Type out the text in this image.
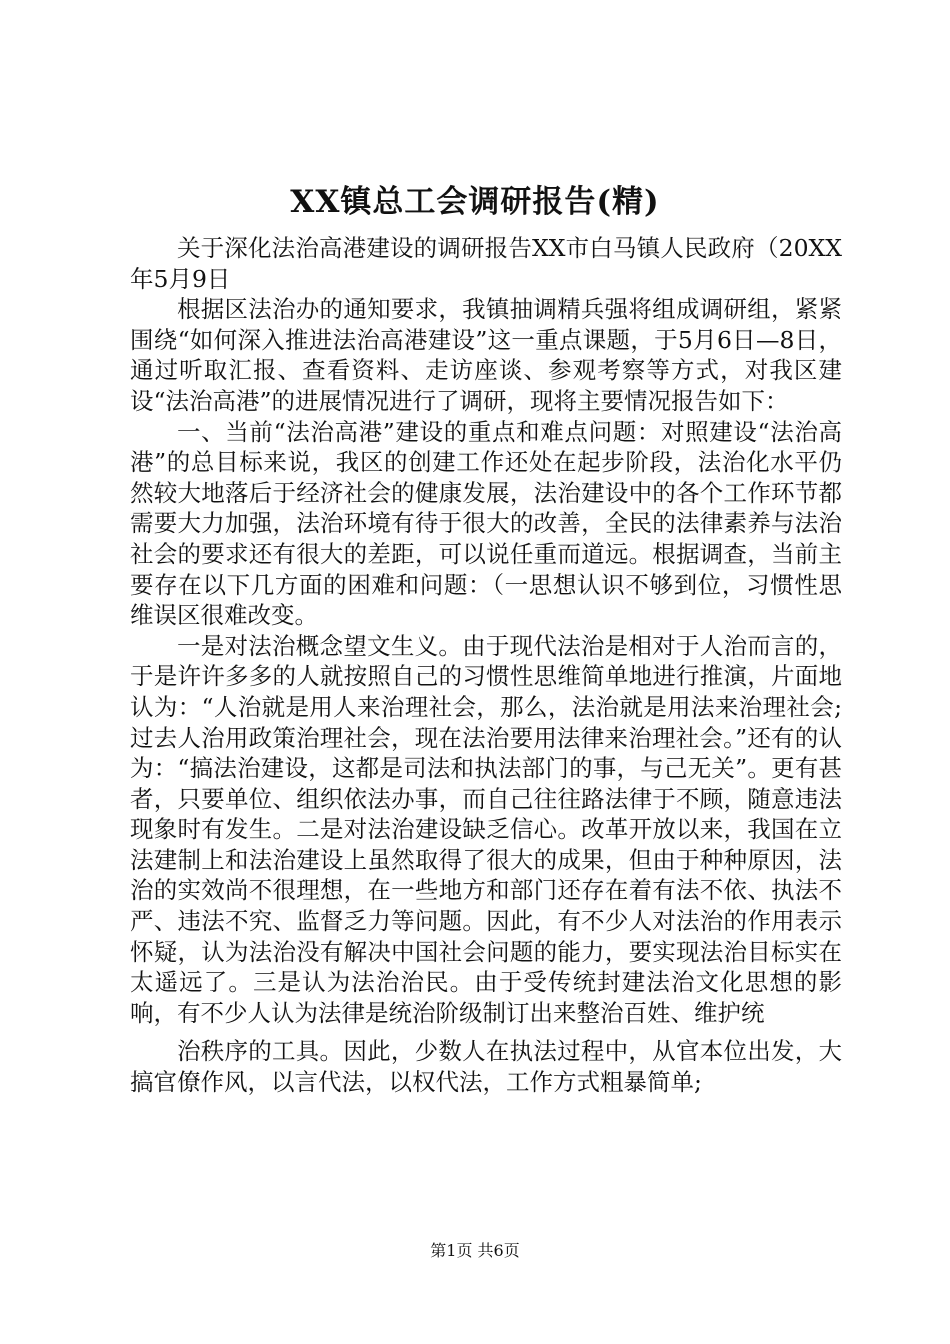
XX镇总工会调研报告(精)

关于深化法治高港建设的调研报告XX市白马镇人民政府（20XX年5月9日

根据区法治办的通知要求，我镇抽调精兵强将组成调研组，紧紧围绕“如何深入推进法治高港建设”这一重点课题，于5月6日—8日，通过听取汇报、查看资料、走访座谈、参观考察等方式，对我区建设“法治高港”的进展情况进行了调研，现将主要情况报告如下：

一、当前“法治高港”建设的重点和难点问题：对照建设“法治高港”的总目标来说，我区的创建工作还处在起步阶段，法治化水平仍然较大地落后于经济社会的健康发展，法治建设中的各个工作环节都需要大力加强，法治环境有待于很大的改善，全民的法律素养与法治社会的要求还有很大的差距，可以说任重而道远。根据调查，当前主要存在以下几方面的困难和问题：（一思想认识不够到位，习惯性思维误区很难改变。

一是对法治概念望文生义。由于现代法治是相对于人治而言的，于是许许多多的人就按照自己的习惯性思维简单地进行推演，片面地认为：“人治就是用人来治理社会，那么，法治就是用法来治理社会;过去人治用政策治理社会，现在法治要用法律来治理社会。”还有的认为：“搞法治建设，这都是司法和执法部门的事，与己无关”。更有甚者，只要单位、组织依法办事，而自己往往路法律于不顾，随意违法现象时有发生。二是对法治建设缺乏信心。改革开放以来，我国在立法建制上和法治建设上虽然取得了很大的成果，但由于种种原因，法治的实效尚不很理想，在一些地方和部门还存在着有法不依、执法不严、违法不究、监督乏力等问题。因此，有不少人对法治的作用表示怀疑，认为法治没有解决中国社会问题的能力，要实现法治目标实在太遥远了。三是认为法治治民。由于受传统封建法治文化思想的影响，有不少人认为法律是统治阶级制订出来整治百姓、维护统

治秩序的工具。因此，少数人在执法过程中，从官本位出发，大搞官僚作风，以言代法，以权代法，工作方式粗暴简单;

第1页 共6页
